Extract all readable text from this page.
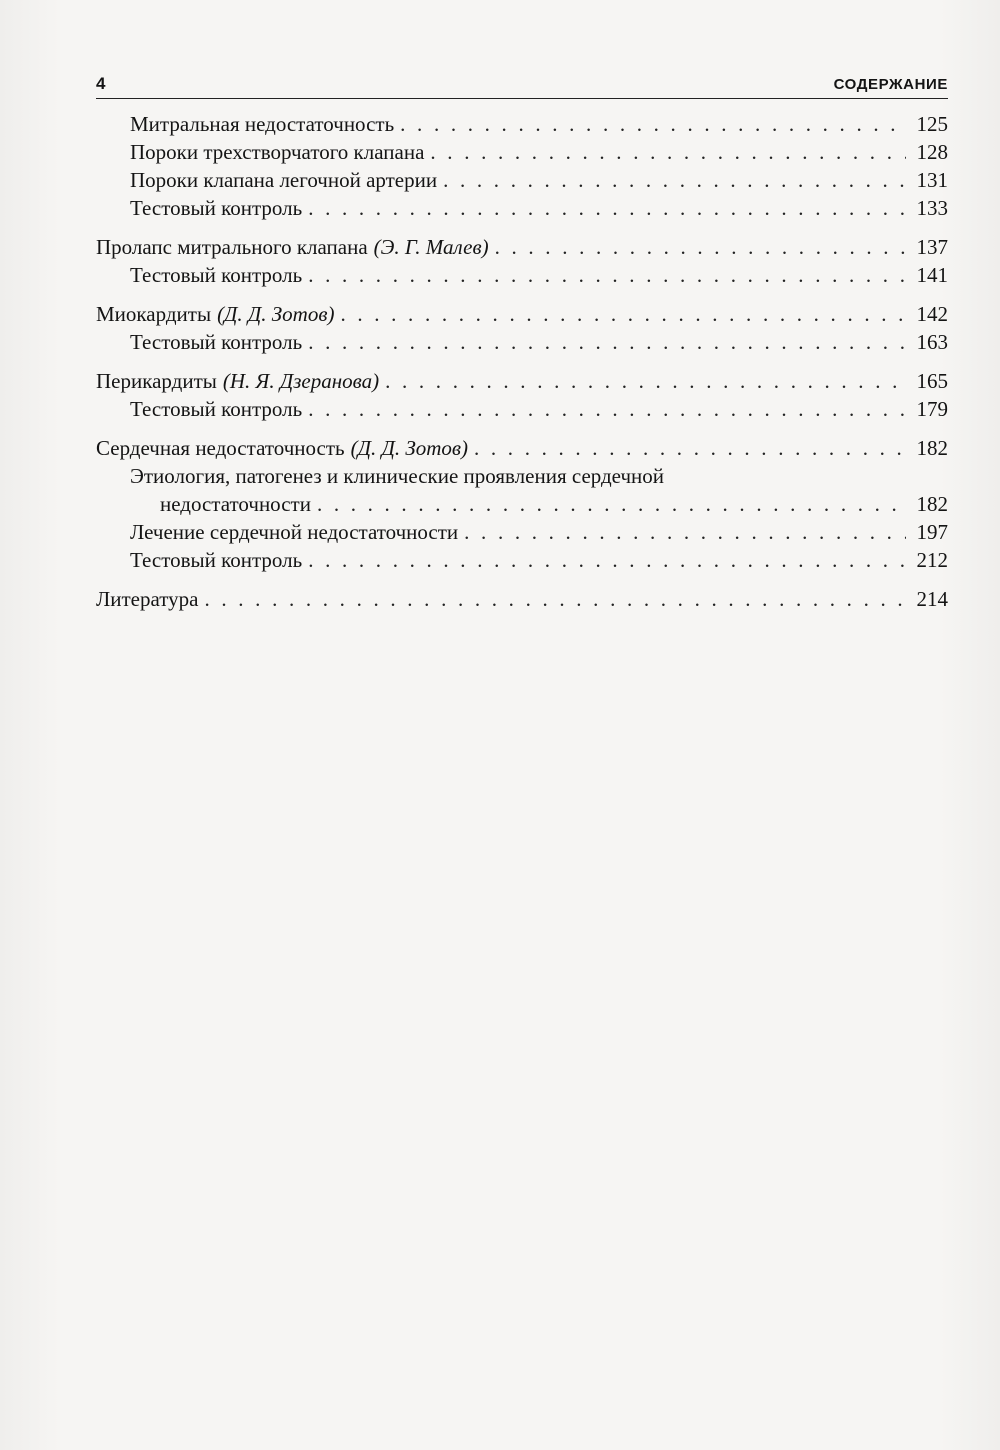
4	СОДЕРЖАНИЕ
Митральная недостаточность . . .	125
Пороки трехстворчатого клапана . . .	128
Пороки клапана легочной артерии . . .	131
Тестовый контроль . . .	133
Пролапс митрального клапана (Э. Г. Малев) . . .	137
Тестовый контроль . . .	141
Миокардиты (Д. Д. Зотов) . . .	142
Тестовый контроль . . .	163
Перикардиты (Н. Я. Дзеранова) . . .	165
Тестовый контроль . . .	179
Сердечная недостаточность (Д. Д. Зотов) . . .	182
Этиология, патогенез и клинические проявления сердечной
недостаточности . . .	182
Лечение сердечной недостаточности . . .	197
Тестовый контроль . . .	212
Литература . . .	214
